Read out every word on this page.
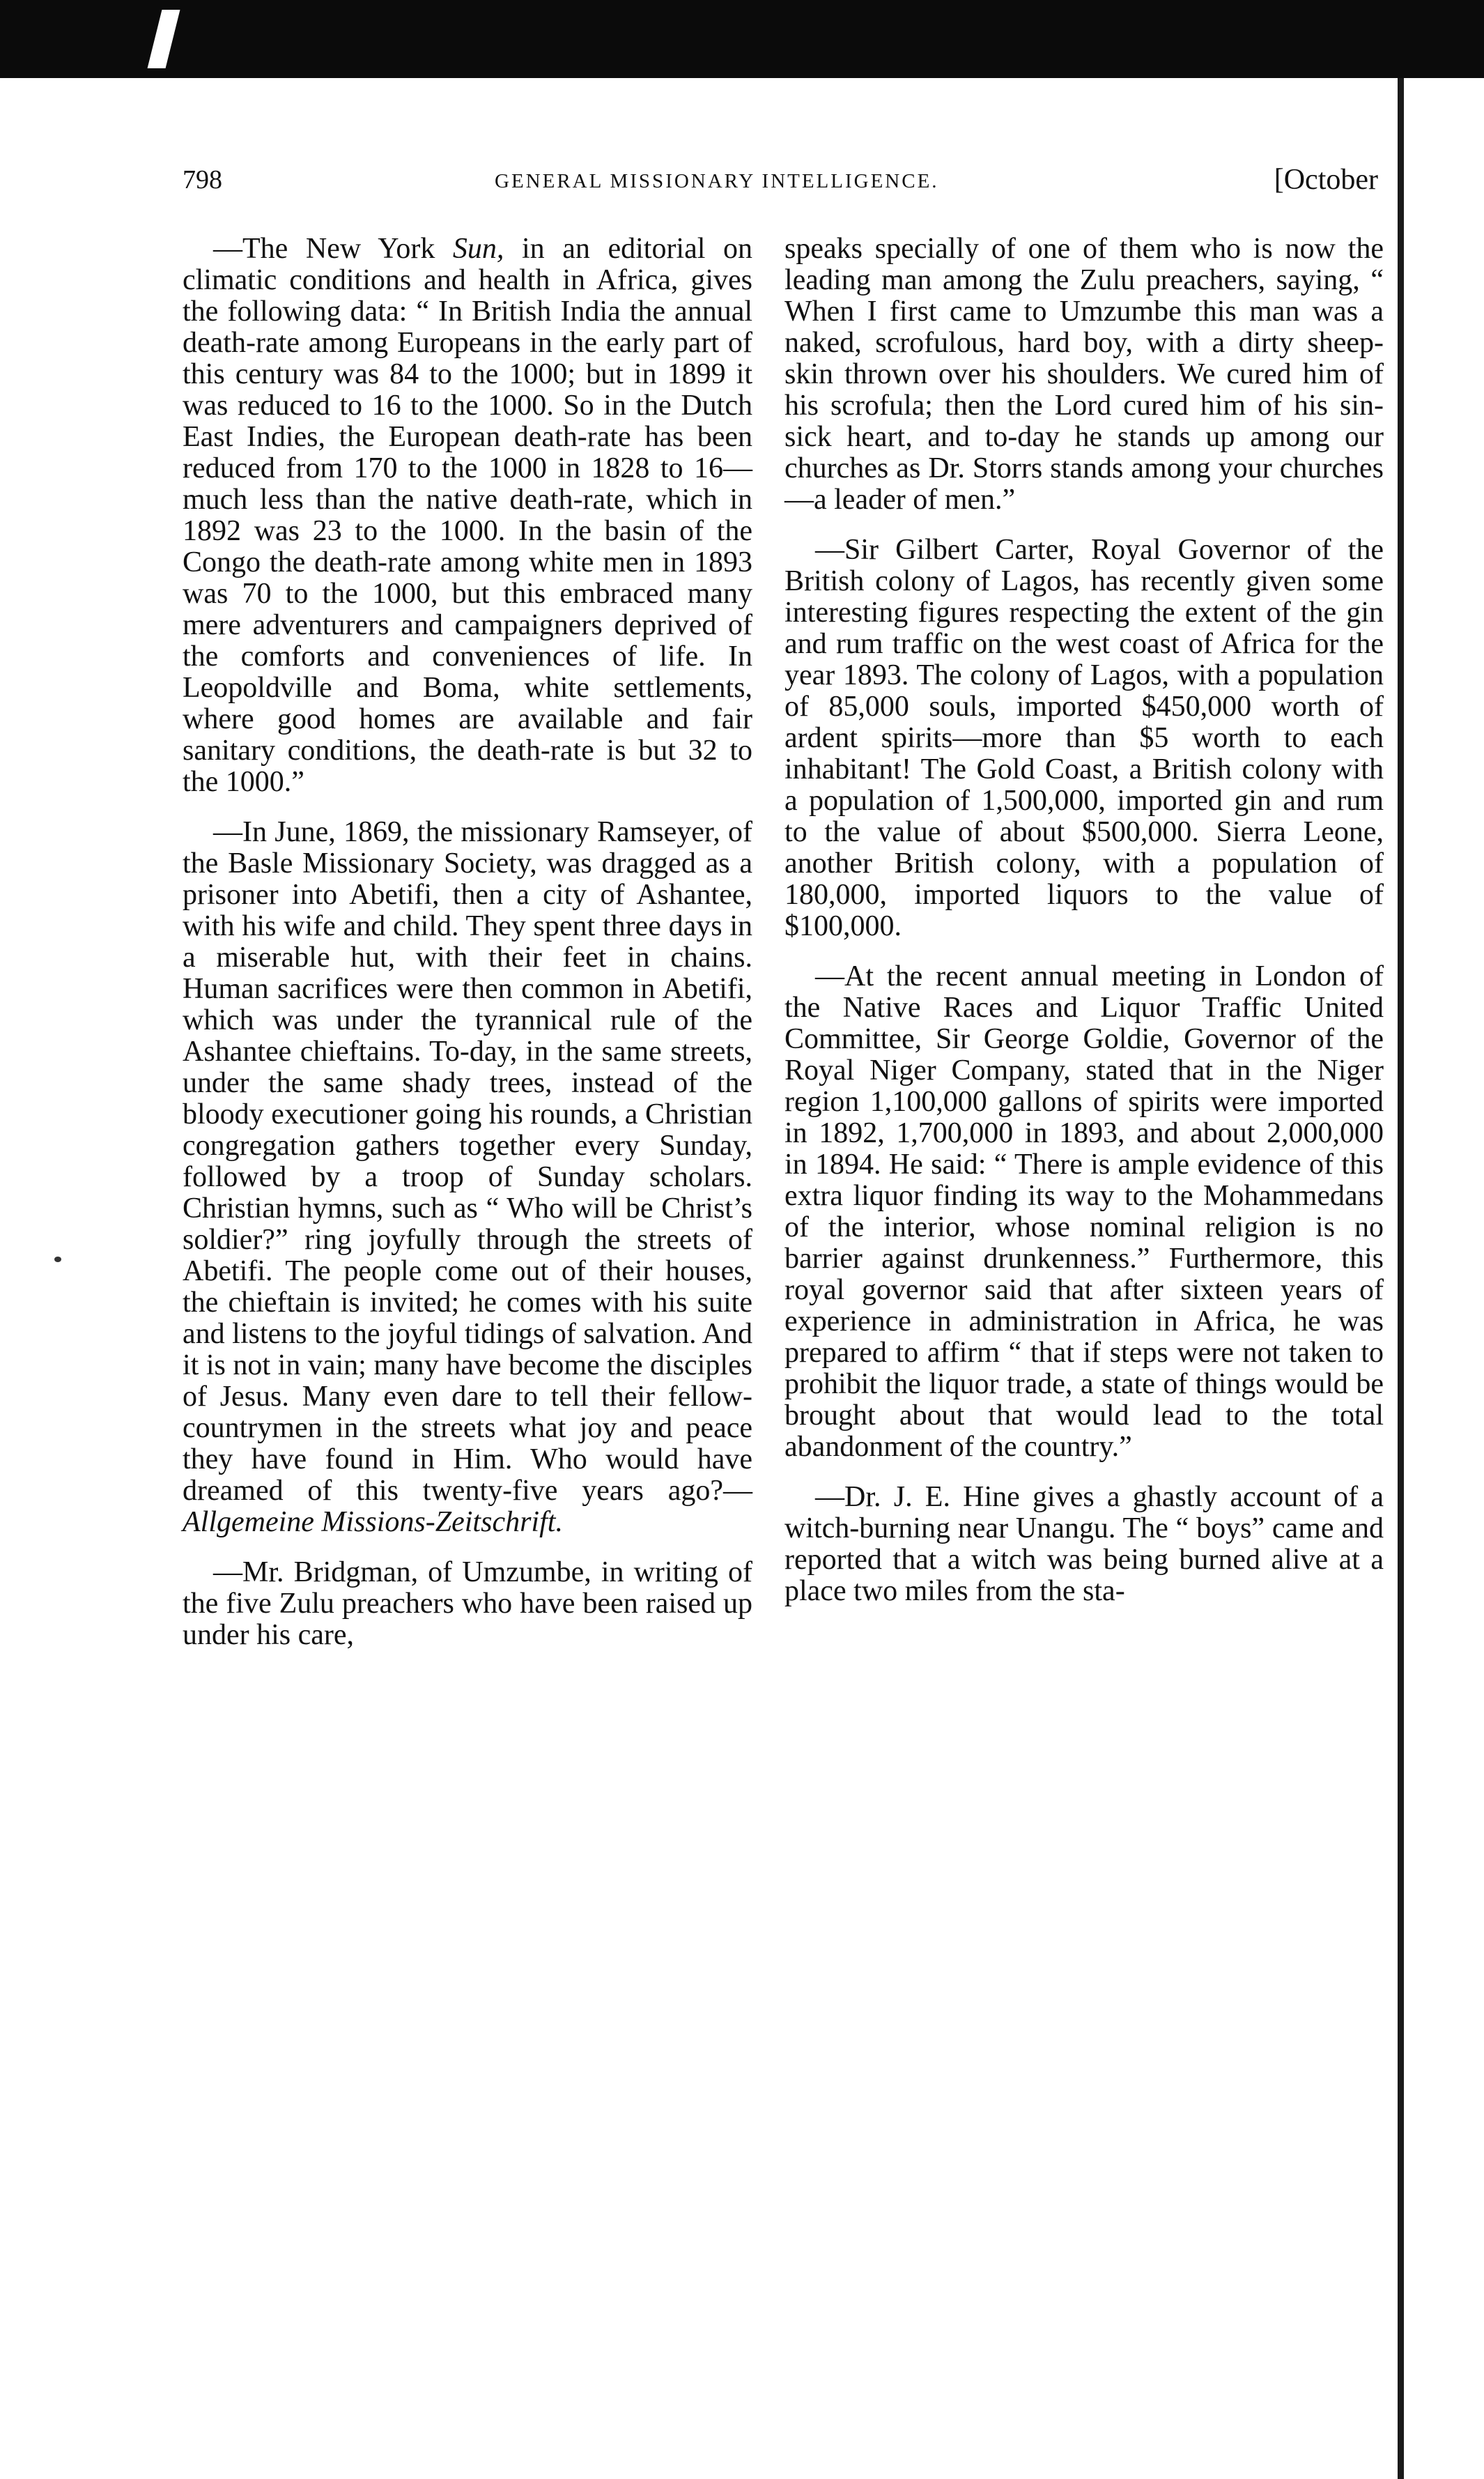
798	GENERAL MISSIONARY INTELLIGENCE.	[October

—The New York Sun, in an editorial on climatic conditions and health in Africa, gives the following data: “ In British India the annual death-rate among Europeans in the early part of this century was 84 to the 1000; but in 1899 it was reduced to 16 to the 1000. So in the Dutch East Indies, the European death-rate has been reduced from 170 to the 1000 in 1828 to 16—much less than the native death-rate, which in 1892 was 23 to the 1000. In the basin of the Congo the death-rate among white men in 1893 was 70 to the 1000, but this embraced many mere adventurers and campaigners deprived of the comforts and conveniences of life. In Leopoldville and Boma, white settlements, where good homes are available and fair sanitary conditions, the death-rate is but 32 to the 1000.”

—In June, 1869, the missionary Ramseyer, of the Basle Missionary Society, was dragged as a prisoner into Abetifi, then a city of Ashantee, with his wife and child. They spent three days in a miserable hut, with their feet in chains. Human sacrifices were then common in Abetifi, which was under the tyrannical rule of the Ashantee chieftains. To-day, in the same streets, under the same shady trees, instead of the bloody executioner going his rounds, a Christian congregation gathers together every Sunday, followed by a troop of Sunday scholars. Christian hymns, such as “ Who will be Christ’s soldier?” ring joyfully through the streets of Abetifi. The people come out of their houses, the chieftain is invited; he comes with his suite and listens to the joyful tidings of salvation. And it is not in vain; many have become the disciples of Jesus. Many even dare to tell their fellow-countrymen in the streets what joy and peace they have found in Him. Who would have dreamed of this twenty-five years ago?—Allgemeine Missions-Zeitschrift.

—Mr. Bridgman, of Umzumbe, in writing of the five Zulu preachers who have been raised up under his care,

speaks specially of one of them who is now the leading man among the Zulu preachers, saying, “ When I first came to Umzumbe this man was a naked, scrofulous, hard boy, with a dirty sheep-skin thrown over his shoulders. We cured him of his scrofula; then the Lord cured him of his sin-sick heart, and to-day he stands up among our churches as Dr. Storrs stands among your churches—a leader of men.”

—Sir Gilbert Carter, Royal Governor of the British colony of Lagos, has recently given some interesting figures respecting the extent of the gin and rum traffic on the west coast of Africa for the year 1893. The colony of Lagos, with a population of 85,000 souls, imported $450,000 worth of ardent spirits—more than $5 worth to each inhabitant! The Gold Coast, a British colony with a population of 1,500,000, imported gin and rum to the value of about $500,000. Sierra Leone, another British colony, with a population of 180,000, imported liquors to the value of $100,000.

—At the recent annual meeting in London of the Native Races and Liquor Traffic United Committee, Sir George Goldie, Governor of the Royal Niger Company, stated that in the Niger region 1,100,000 gallons of spirits were imported in 1892, 1,700,000 in 1893, and about 2,000,000 in 1894. He said: “ There is ample evidence of this extra liquor finding its way to the Mohammedans of the interior, whose nominal religion is no barrier against drunkenness.” Furthermore, this royal governor said that after sixteen years of experience in administration in Africa, he was prepared to affirm “ that if steps were not taken to prohibit the liquor trade, a state of things would be brought about that would lead to the total abandonment of the country.”

—Dr. J. E. Hine gives a ghastly account of a witch-burning near Unangu. The “ boys” came and reported that a witch was being burned alive at a place two miles from the sta-
